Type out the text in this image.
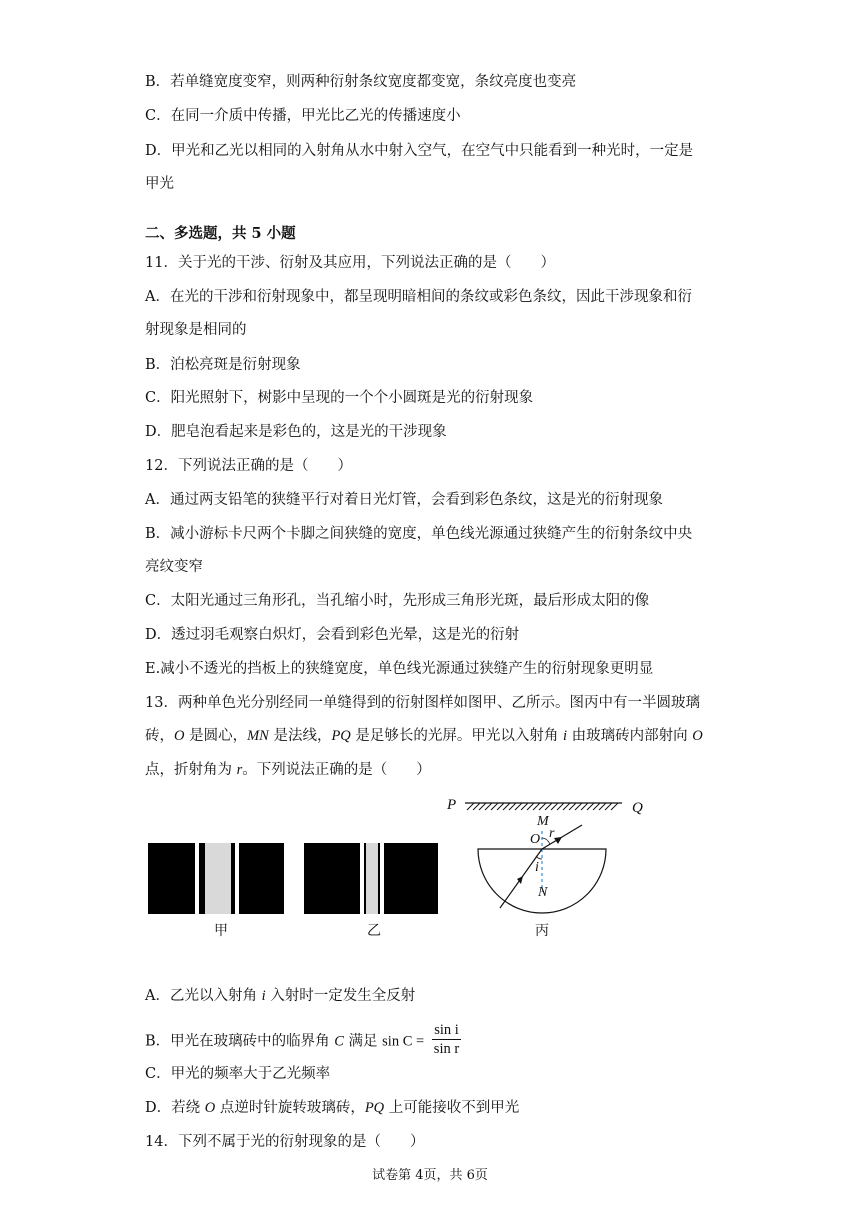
B．若单缝宽度变窄，则两种衍射条纹宽度都变宽，条纹亮度也变亮
C．在同一介质中传播，甲光比乙光的传播速度小
D．甲光和乙光以相同的入射角从水中射入空气，在空气中只能看到一种光时，一定是
甲光
二、多选题，共 5 小题
11．关于光的干涉、衍射及其应用，下列说法正确的是（　　）
A．在光的干涉和衍射现象中，都呈现明暗相间的条纹或彩色条纹，因此干涉现象和衍
射现象是相同的
B．泊松亮斑是衍射现象
C．阳光照射下，树影中呈现的一个个小圆斑是光的衍射现象
D．肥皂泡看起来是彩色的，这是光的干涉现象
12．下列说法正确的是（　　）
A．通过两支铅笔的狭缝平行对着日光灯管，会看到彩色条纹，这是光的衍射现象
B．减小游标卡尺两个卡脚之间狭缝的宽度，单色线光源通过狭缝产生的衍射条纹中央
亮纹变窄
C．太阳光通过三角形孔，当孔缩小时，先形成三角形光斑，最后形成太阳的像
D．透过羽毛观察白炽灯，会看到彩色光晕，这是光的衍射
E.减小不透光的挡板上的狭缝宽度，单色线光源通过狭缝产生的衍射现象更明显
13．两种单色光分别经同一单缝得到的衍射图样如图甲、乙所示。图丙中有一半圆玻璃
砖，O 是圆心，MN 是法线，PQ 是足够长的光屏。甲光以入射角 i 由玻璃砖内部射向 O
点，折射角为 r。下列说法正确的是（　　）
甲	乙
P	Q
M
O r
i
N
丙
A．乙光以入射角 i 入射时一定发生全反射
B．甲光在玻璃砖中的临界角 C 满足 $\sin C = \frac{\text{sin i}}{\text{sin r}}$
C．甲光的频率大于乙光频率
D．若绕 O 点逆时针旋转玻璃砖，PQ 上可能接收不到甲光
14．下列不属于光的衍射现象的是（　　）
试卷第 4页，共 6页
